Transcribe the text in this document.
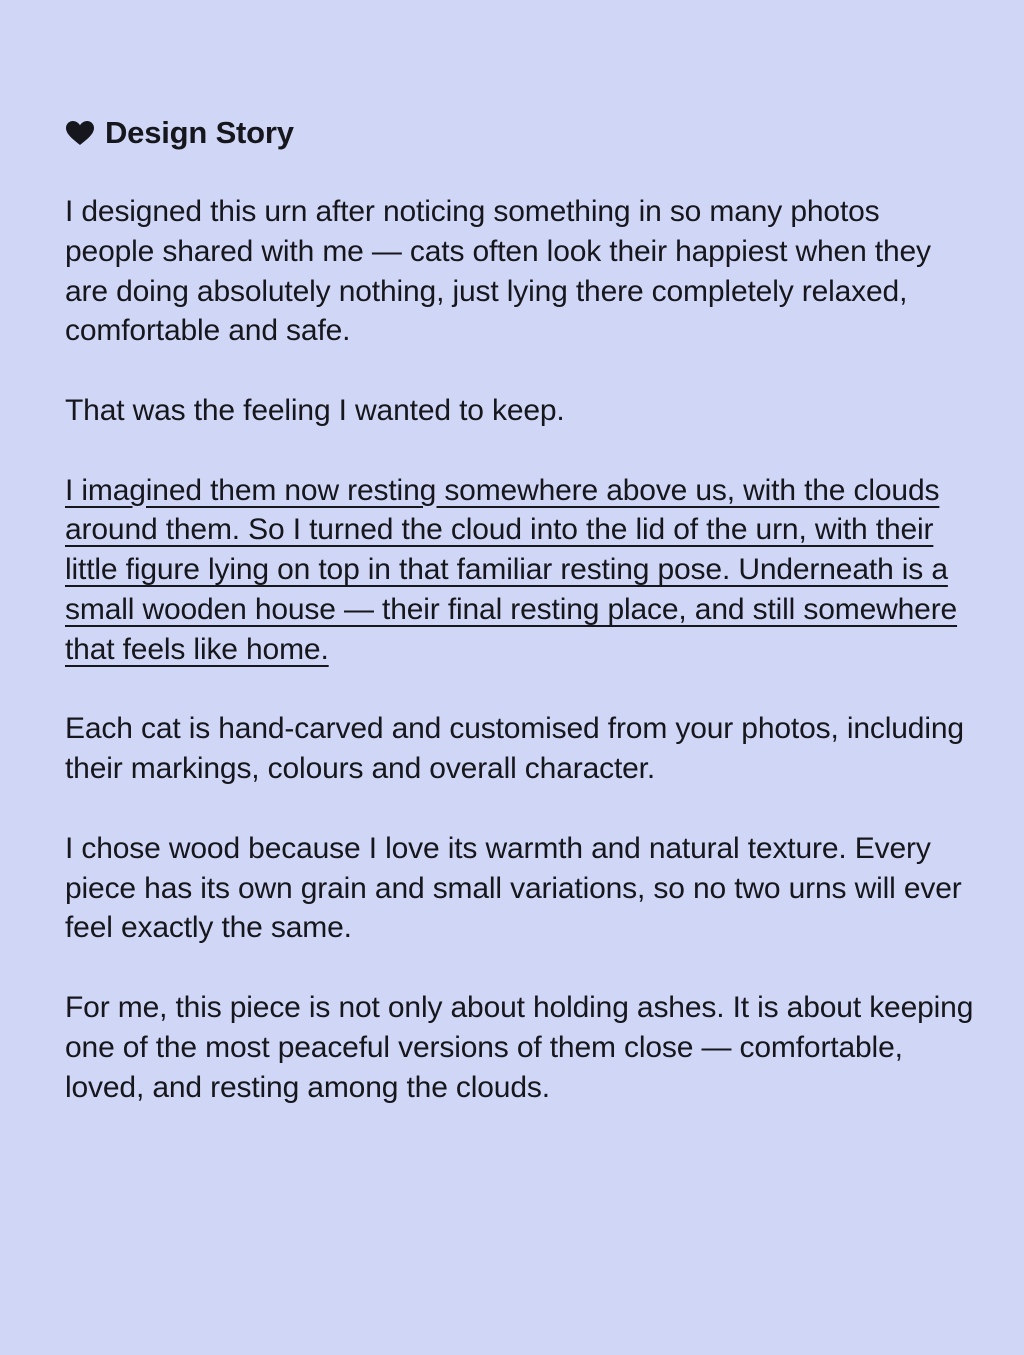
Design Story

I designed this urn after noticing something in so many photos people shared with me — cats often look their happiest when they are doing absolutely nothing, just lying there completely relaxed, comfortable and safe.

That was the feeling I wanted to keep.

I imagined them now resting somewhere above us, with the clouds around them. So I turned the cloud into the lid of the urn, with their little figure lying on top in that familiar resting pose. Underneath is a small wooden house — their final resting place, and still somewhere that feels like home.

Each cat is hand-carved and customised from your photos, including their markings, colours and overall character.

I chose wood because I love its warmth and natural texture. Every piece has its own grain and small variations, so no two urns will ever feel exactly the same.

For me, this piece is not only about holding ashes. It is about keeping one of the most peaceful versions of them close — comfortable, loved, and resting among the clouds.
